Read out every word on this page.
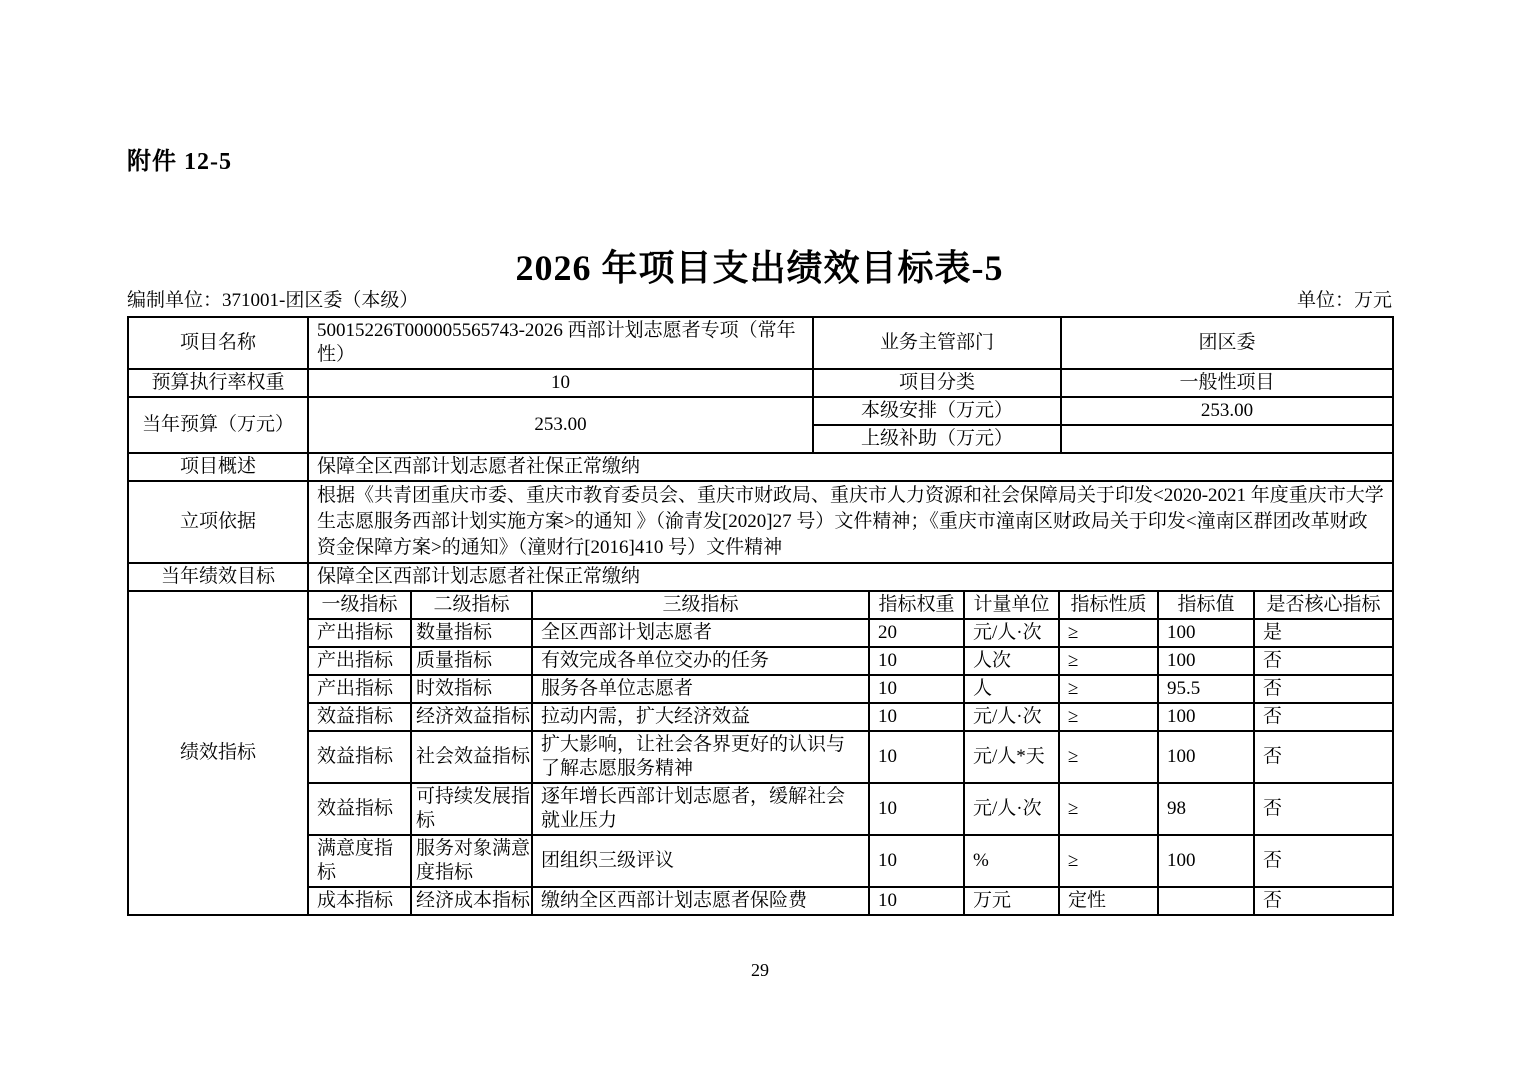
附件 12-5
2026 年项目支出绩效目标表-5
编制单位：371001-团区委（本级）	单位：万元
项目名称	50015226T000005565743-2026 西部计划志愿者专项（常年性）	业务主管部门	团区委
预算执行率权重	10	项目分类	一般性项目
当年预算（万元）	253.00	本级安排（万元）	253.00
		上级补助（万元）	
项目概述	保障全区西部计划志愿者社保正常缴纳
立项依据	根据《共青团重庆市委、重庆市教育委员会、重庆市财政局、重庆市人力资源和社会保障局关于印发<2020-2021 年度重庆市大学生志愿服务西部计划实施方案>的通知 》（渝青发[2020]27 号）文件精神；《重庆市潼南区财政局关于印发<潼南区群团改革财政资金保障方案>的通知》（潼财行[2016]410 号）文件精神
当年绩效目标	保障全区西部计划志愿者社保正常缴纳
绩效指标	一级指标	二级指标	三级指标	指标权重	计量单位	指标性质	指标值	是否核心指标
	产出指标	数量指标	全区西部计划志愿者	20	元/人·次	≥	100	是
	产出指标	质量指标	有效完成各单位交办的任务	10	人次	≥	100	否
	产出指标	时效指标	服务各单位志愿者	10	人	≥	95.5	否
	效益指标	经济效益指标	拉动内需，扩大经济效益	10	元/人·次	≥	100	否
	效益指标	社会效益指标	扩大影响，让社会各界更好的认识与了解志愿服务精神	10	元/人*天	≥	100	否
	效益指标	可持续发展指标	逐年增长西部计划志愿者，缓解社会就业压力	10	元/人·次	≥	98	否
	满意度指标	服务对象满意度指标	团组织三级评议	10	%	≥	100	否
	成本指标	经济成本指标	缴纳全区西部计划志愿者保险费	10	万元	定性		否
29
